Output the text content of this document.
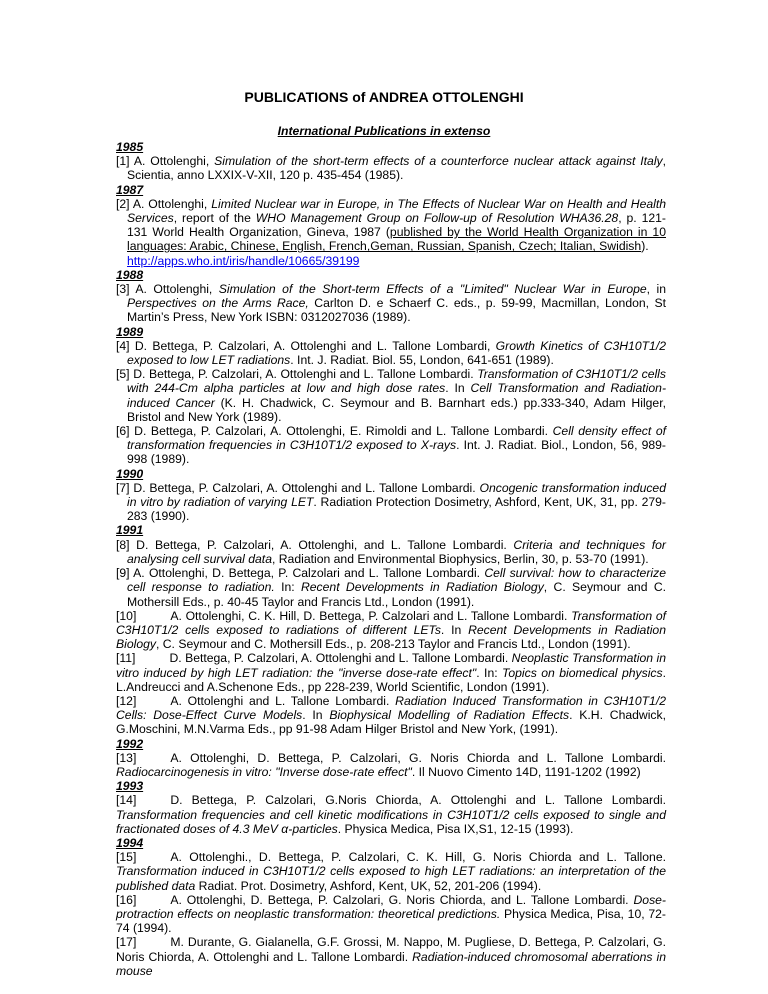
PUBLICATIONS of ANDREA OTTOLENGHI
International Publications in extenso

1985

[1] A. Ottolenghi, Simulation of the short-term effects of a counterforce nuclear attack against Italy, Scientia, anno LXXIX-V-XII, 120 p. 435-454 (1985).

1987

[2] A. Ottolenghi, Limited Nuclear war in Europe, in The Effects of Nuclear War on Health and Health Services, report of the WHO Management Group on Follow-up of Resolution WHA36.28, p. 121-131 World Health Organization, Gineva, 1987 (published by the World Health Organization in 10 languages: Arabic, Chinese, English, French,Geman, Russian, Spanish, Czech; Italian, Swidish).
http://apps.who.int/iris/handle/10665/39199

1988

[3] A. Ottolenghi, Simulation of the Short-term Effects of a "Limited" Nuclear War in Europe, in Perspectives on the Arms Race, Carlton D. e Schaerf C. eds., p. 59-99, Macmillan, London, St Martin’s Press, New York ISBN: 0312027036 (1989).

1989

[4] D. Bettega, P. Calzolari, A. Ottolenghi and L. Tallone Lombardi, Growth Kinetics of C3H10T1/2 exposed to low LET radiations. Int. J. Radiat. Biol. 55, London, 641-651 (1989).

[5] D. Bettega, P. Calzolari, A. Ottolenghi and L. Tallone Lombardi. Transformation of C3H10T1/2 cells with 244-Cm alpha particles at low and high dose rates. In Cell Transformation and Radiation-induced Cancer (K. H. Chadwick, C. Seymour and B. Barnhart eds.) pp.333-340, Adam Hilger, Bristol and New York (1989).

[6] D. Bettega, P. Calzolari, A. Ottolenghi, E. Rimoldi and L. Tallone Lombardi. Cell density effect of transformation frequencies in C3H10T1/2 exposed to X-rays. Int. J. Radiat. Biol., London, 56, 989-998 (1989).

1990

[7] D. Bettega, P. Calzolari, A. Ottolenghi and L. Tallone Lombardi. Oncogenic transformation induced in vitro by radiation of varying LET. Radiation Protection Dosimetry, Ashford, Kent, UK, 31, pp. 279-283 (1990).

1991

[8] D. Bettega, P. Calzolari, A. Ottolenghi, and L. Tallone Lombardi. Criteria and techniques for analysing cell survival data, Radiation and Environmental Biophysics, Berlin, 30, p. 53-70 (1991).

[9] A. Ottolenghi, D. Bettega, P. Calzolari and L. Tallone Lombardi. Cell survival: how to characterize cell response to radiation. In: Recent Developments in Radiation Biology, C. Seymour and C. Mothersill Eds., p. 40-45 Taylor and Francis Ltd., London (1991).

[10]	A. Ottolenghi, C. K. Hill, D. Bettega, P. Calzolari and L. Tallone Lombardi. Transformation of C3H10T1/2 cells exposed to radiations of different LETs. In Recent Developments in Radiation Biology, C. Seymour and C. Mothersill Eds., p. 208-213 Taylor and Francis Ltd., London (1991).

[11]	D. Bettega, P. Calzolari, A. Ottolenghi and L. Tallone Lombardi. Neoplastic Transformation in vitro induced by high LET radiation: the "inverse dose-rate effect". In: Topics on biomedical physics. L.Andreucci and A.Schenone Eds., pp 228-239, World Scientific, London (1991).

[12]	A. Ottolenghi and L. Tallone Lombardi. Radiation Induced Transformation in C3H10T1/2 Cells: Dose-Effect Curve Models. In Biophysical Modelling of Radiation Effects. K.H. Chadwick, G.Moschini, M.N.Varma Eds., pp 91-98 Adam Hilger Bristol and New York, (1991).

1992

[13]	A. Ottolenghi, D. Bettega, P. Calzolari, G. Noris Chiorda and L. Tallone Lombardi. Radiocarcinogenesis in vitro: "Inverse dose-rate effect". Il Nuovo Cimento 14D, 1191-1202 (1992)

1993

[14]	D. Bettega, P. Calzolari, G.Noris Chiorda, A. Ottolenghi and L. Tallone Lombardi. Transformation frequencies and cell kinetic modifications in C3H10T1/2 cells exposed to single and fractionated doses of 4.3 MeV α-particles. Physica Medica, Pisa IX,S1, 12-15 (1993).

1994

[15]	A. Ottolenghi., D. Bettega, P. Calzolari, C. K. Hill, G. Noris Chiorda and L. Tallone. Transformation induced in C3H10T1/2 cells exposed to high LET radiations: an interpretation of the published data Radiat. Prot. Dosimetry, Ashford, Kent, UK, 52, 201-206 (1994).

[16]	A. Ottolenghi, D. Bettega, P. Calzolari, G. Noris Chiorda, and L. Tallone Lombardi. Dose-protraction effects on neoplastic transformation: theoretical predictions. Physica Medica, Pisa, 10, 72-74 (1994).

[17]	M. Durante, G. Gialanella, G.F. Grossi, M. Nappo, M. Pugliese, D. Bettega, P. Calzolari, G. Noris Chiorda, A. Ottolenghi and L. Tallone Lombardi. Radiation-induced chromosomal aberrations in mouse
